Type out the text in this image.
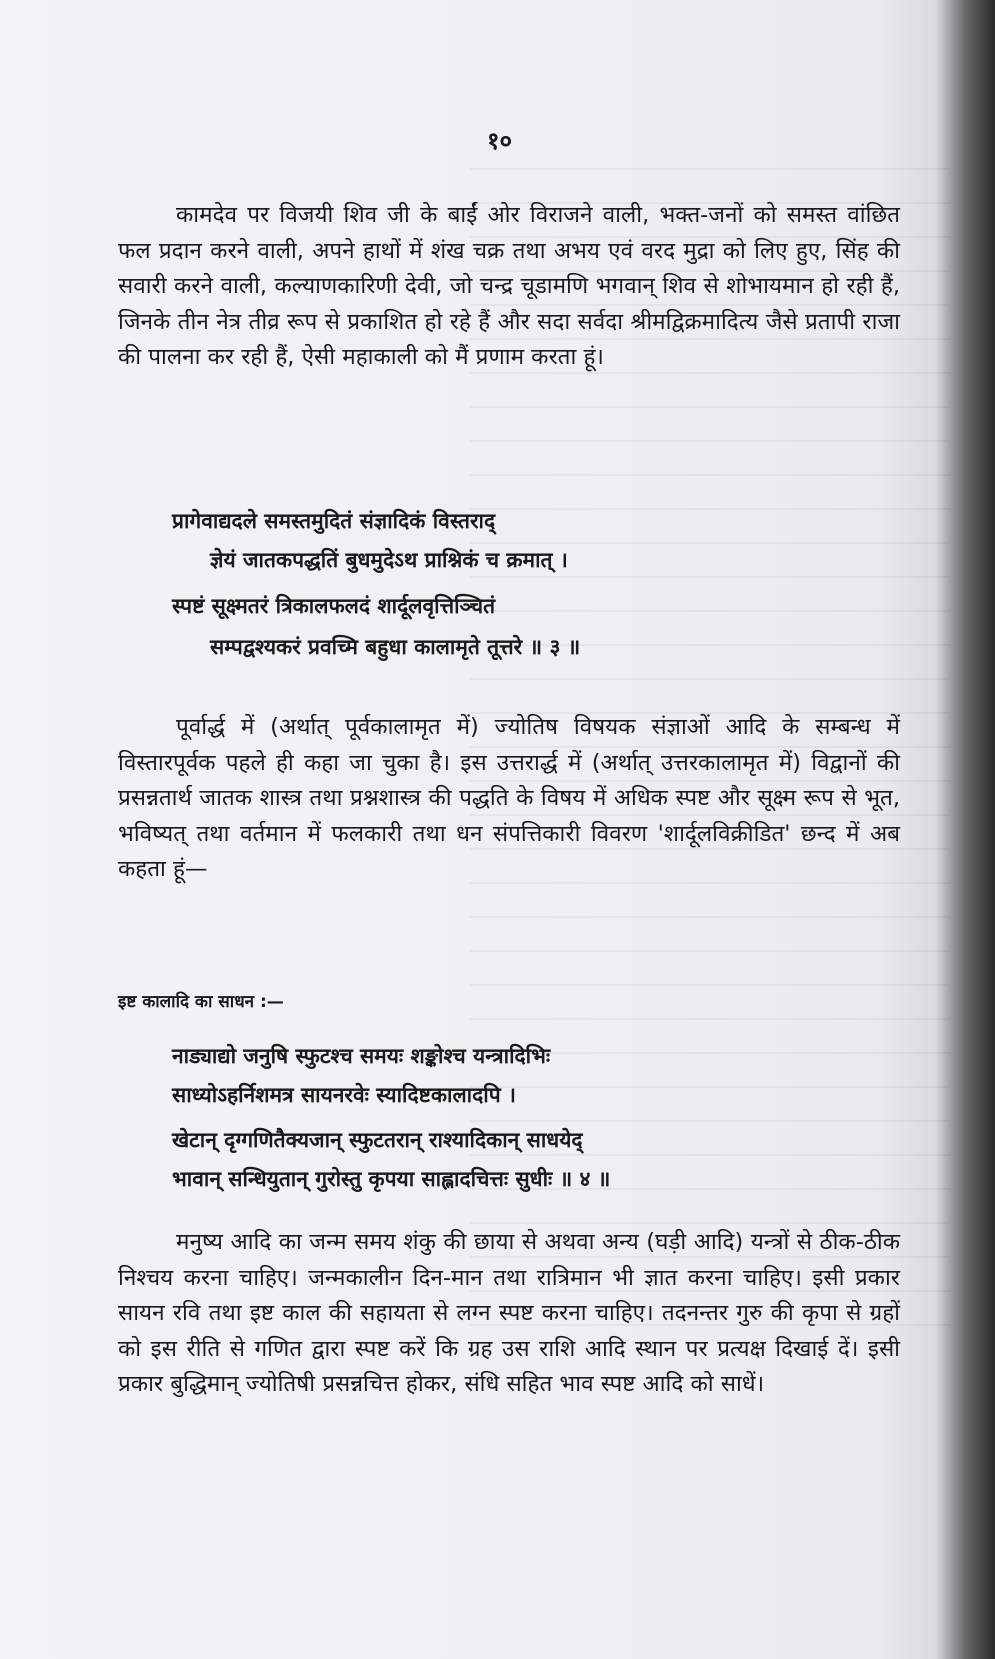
१०

कामदेव पर विजयी शिव जी के बाईं ओर विराजने वाली, भक्त-जनों को समस्त वांछित फल प्रदान करने वाली, अपने हाथों में शंख चक्र तथा अभय एवं वरद मुद्रा को लिए हुए, सिंह की सवारी करने वाली, कल्याणकारिणी देवी, जो चन्द्र चूडामणि भगवान् शिव से शोभायमान हो रही हैं, जिनके तीन नेत्र तीव्र रूप से प्रकाशित हो रहे हैं और सदा सर्वदा श्रीमद्विक्रमादित्य जैसे प्रतापी राजा की पालना कर रही हैं, ऐसी महाकाली को मैं प्रणाम करता हूं।

प्रागेवाद्यदले समस्तमुदितं संज्ञादिकं विस्तराद्
ज्ञेयं जातकपद्धतिं बुधमुदेऽथ प्राश्निकं च क्रमात् ।
स्पष्टं सूक्ष्मतरं त्रिकालफलदं शार्दूलवृत्तिञ्चितं
सम्पद्वश्यकरं प्रवच्मि बहुधा कालामृते तूत्तरे ॥ ३ ॥

पूर्वार्द्ध में (अर्थात् पूर्वकालामृत में) ज्योतिष विषयक संज्ञाओं आदि के सम्बन्ध में विस्तारपूर्वक पहले ही कहा जा चुका है। इस उत्तरार्द्ध में (अर्थात् उत्तरकालामृत में) विद्वानों की प्रसन्नतार्थ जातक शास्त्र तथा प्रश्नशास्त्र की पद्धति के विषय में अधिक स्पष्ट और सूक्ष्म रूप से भूत, भविष्यत् तथा वर्तमान में फलकारी तथा धन संपत्तिकारी विवरण 'शार्दूलविक्रीडित' छन्द में अब कहता हूं—

इष्ट कालादि का साधन :—
नाड्याद्यो जनुषि स्फुटश्च समयः शङ्कोश्च यन्त्रादिभिः
साध्योऽहर्निशमत्र सायनरवेः स्यादिष्टकालादपि ।
खेटान् दृग्गणितैक्यजान् स्फुटतरान् राश्यादिकान् साधयेद्
भावान् सन्धियुतान् गुरोस्तु कृपया साह्लादचित्तः सुधीः ॥ ४ ॥

मनुष्य आदि का जन्म समय शंकु की छाया से अथवा अन्य (घड़ी आदि) यन्त्रों से ठीक-ठीक निश्चय करना चाहिए। जन्मकालीन दिन-मान तथा रात्रिमान भी ज्ञात करना चाहिए। इसी प्रकार सायन रवि तथा इष्ट काल की सहायता से लग्न स्पष्ट करना चाहिए। तदनन्तर गुरु की कृपा से ग्रहों को इस रीति से गणित द्वारा स्पष्ट करें कि ग्रह उस राशि आदि स्थान पर प्रत्यक्ष दिखाई दें। इसी प्रकार बुद्धिमान् ज्योतिषी प्रसन्नचित्त होकर, संधि सहित भाव स्पष्ट आदि को साधें।
